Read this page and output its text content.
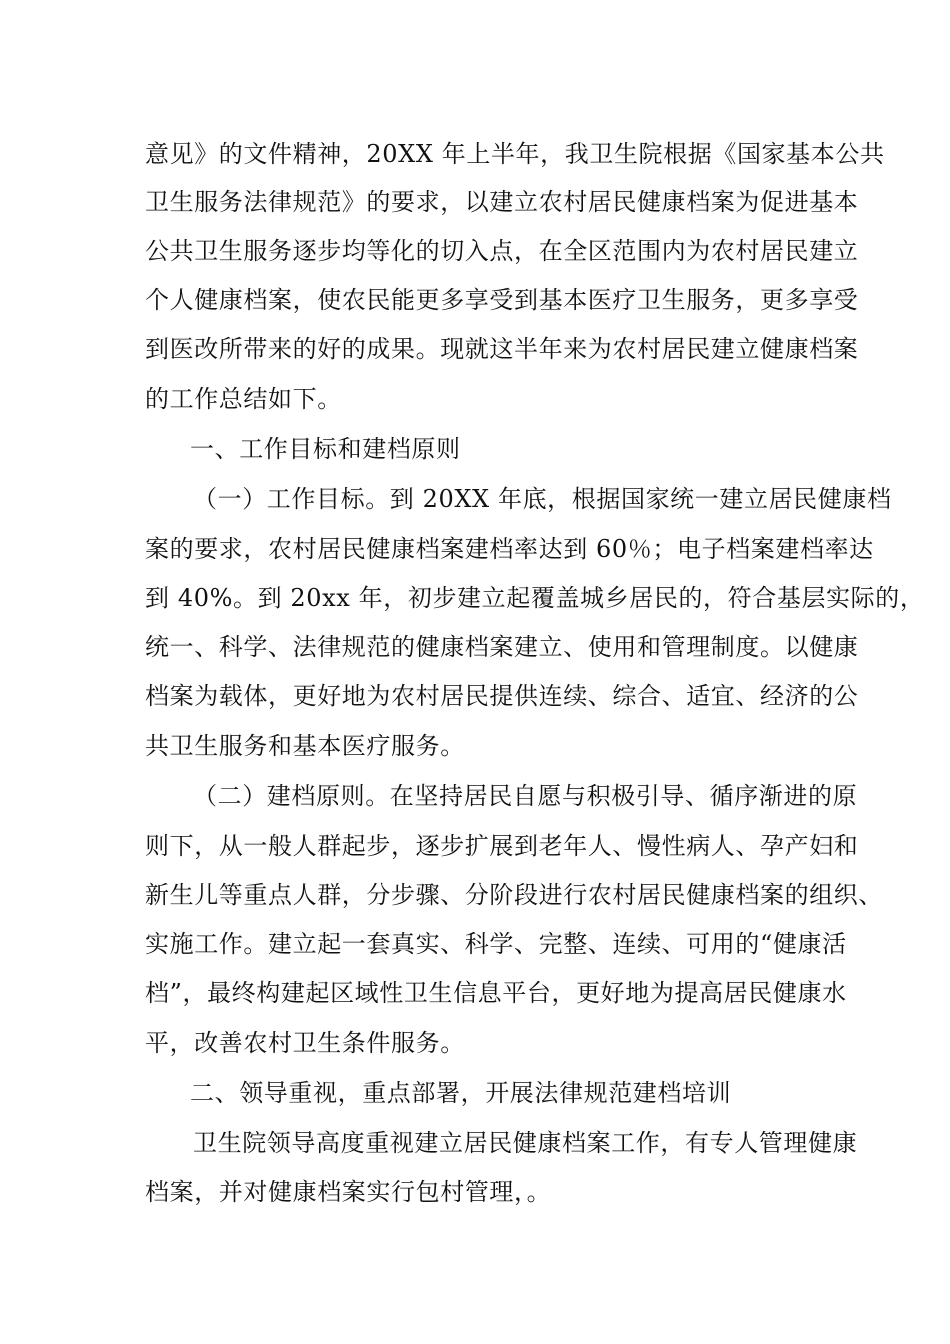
意见》的文件精神，20XX 年上半年，我卫生院根据《国家基本公共
卫生服务法律规范》的要求，以建立农村居民健康档案为促进基本
公共卫生服务逐步均等化的切入点，在全区范围内为农村居民建立
个人健康档案，使农民能更多享受到基本医疗卫生服务，更多享受
到医改所带来的好的成果。现就这半年来为农村居民建立健康档案
的工作总结如下。
一、工作目标和建档原则
（一）工作目标。到 20XX 年底，根据国家统一建立居民健康档
案的要求，农村居民健康档案建档率达到 60％；电子档案建档率达
到 40%。到 20xx 年，初步建立起覆盖城乡居民的，符合基层实际的，
统一、科学、法律规范的健康档案建立、使用和管理制度。以健康
档案为载体，更好地为农村居民提供连续、综合、适宜、经济的公
共卫生服务和基本医疗服务。
（二）建档原则。在坚持居民自愿与积极引导、循序渐进的原
则下，从一般人群起步，逐步扩展到老年人、慢性病人、孕产妇和
新生儿等重点人群，分步骤、分阶段进行农村居民健康档案的组织、
实施工作。建立起一套真实、科学、完整、连续、可用的“健康活
档”，最终构建起区域性卫生信息平台，更好地为提高居民健康水
平，改善农村卫生条件服务。
二、领导重视，重点部署，开展法律规范建档培训
卫生院领导高度重视建立居民健康档案工作，有专人管理健康
档案，并对健康档案实行包村管理，。
